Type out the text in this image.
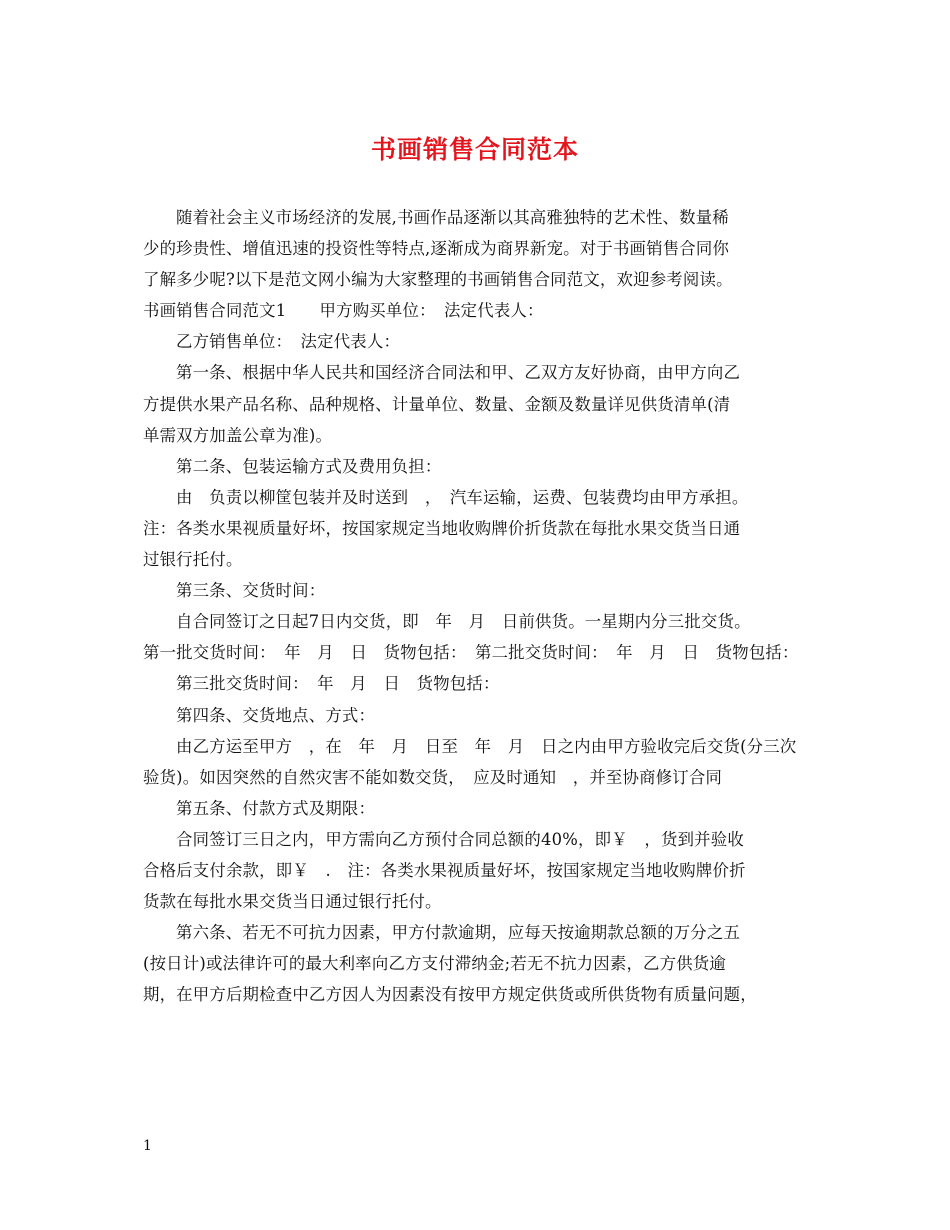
书画销售合同范本
随着社会主义市场经济的发展,书画作品逐渐以其高雅独特的艺术性、数量稀
少的珍贵性、增值迅速的投资性等特点,逐渐成为商界新宠。对于书画销售合同你
了解多少呢?以下是范文网小编为大家整理的书画销售合同范文，欢迎参考阅读。
书画销售合同范文1　　甲方购买单位：　法定代表人：
乙方销售单位：　法定代表人：
第一条、根据中华人民共和国经济合同法和甲、乙双方友好协商，由甲方向乙
方提供水果产品名称、品种规格、计量单位、数量、金额及数量详见供货清单(清
单需双方加盖公章为准)。
第二条、包装运输方式及费用负担：
由　负责以柳筐包装并及时送到　，　汽车运输，运费、包装费均由甲方承担。
注：各类水果视质量好坏，按国家规定当地收购牌价折货款在每批水果交货当日通
过银行托付。
第三条、交货时间：
自合同签订之日起7日内交货，即　年　月　日前供货。一星期内分三批交货。
第一批交货时间：　年　月　日　货物包括：　第二批交货时间：　年　月　日　货物包括：
第三批交货时间：　年　月　日　货物包括：
第四条、交货地点、方式：
由乙方运至甲方　，在　年　月　日至　年　月　日之内由甲方验收完后交货(分三次
验货)。如因突然的自然灾害不能如数交货，　应及时通知　，并至协商修订合同
第五条、付款方式及期限：
合同签订三日之内，甲方需向乙方预付合同总额的40%，即￥　，货到并验收
合格后支付余款，即￥　.　注：各类水果视质量好坏，按国家规定当地收购牌价折
货款在每批水果交货当日通过银行托付。
第六条、若无不可抗力因素，甲方付款逾期，应每天按逾期款总额的万分之五
(按日计)或法律许可的最大利率向乙方支付滞纳金;若无不抗力因素，乙方供货逾
期，在甲方后期检查中乙方因人为因素没有按甲方规定供货或所供货物有质量问题，
1
